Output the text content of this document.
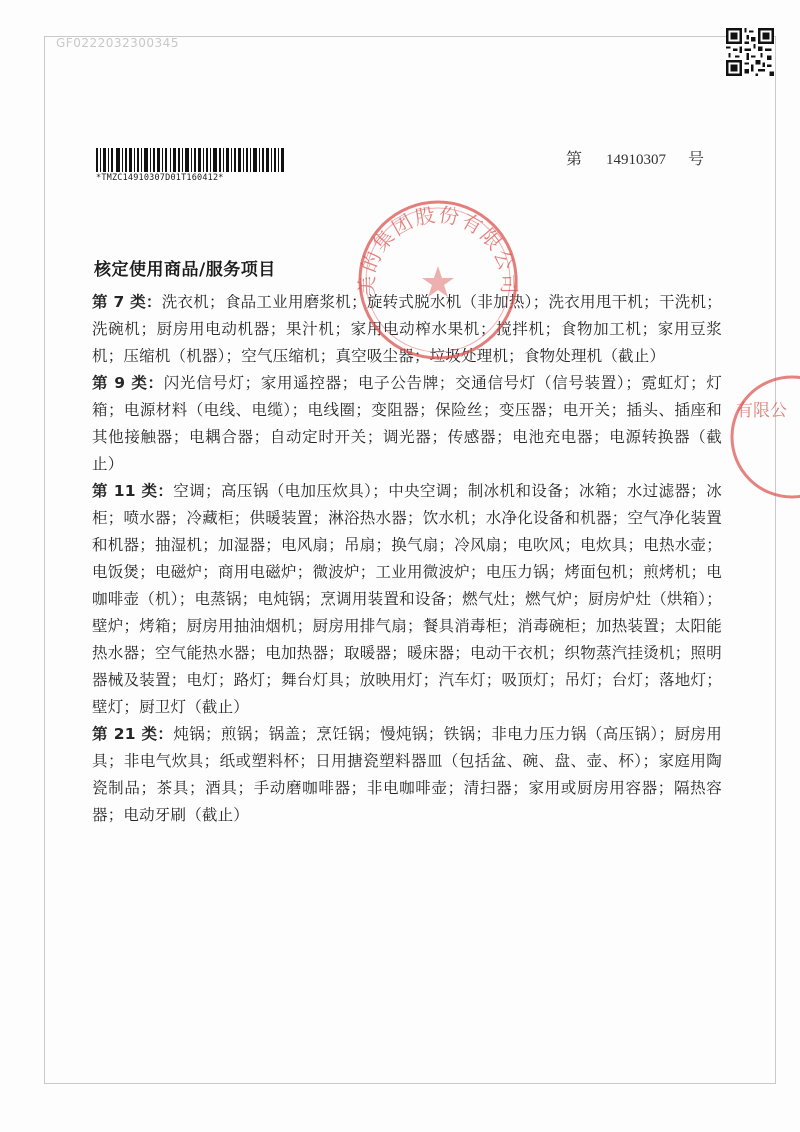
GF0222032300345
*TMZC14910307D01T160412*
第 14910307 号
核定使用商品/服务项目

第 7 类：洗衣机；食品工业用磨浆机；旋转式脱水机（非加热）；洗衣用甩干机；干洗机；洗碗机；厨房用电动机器；果汁机；家用电动榨水果机；搅拌机；食物加工机；家用豆浆机；压缩机（机器）；空气压缩机；真空吸尘器；垃圾处理机；食物处理机（截止）

第 9 类：闪光信号灯；家用遥控器；电子公告牌；交通信号灯（信号装置）；霓虹灯；灯箱；电源材料（电线、电缆）；电线圈；变阻器；保险丝；变压器；电开关；插头、插座和其他接触器；电耦合器；自动定时开关；调光器；传感器；电池充电器；电源转换器（截止）

第 11 类：空调；高压锅（电加压炊具）；中央空调；制冰机和设备；冰箱；水过滤器；冰柜；喷水器；冷藏柜；供暖装置；淋浴热水器；饮水机；水净化设备和机器；空气净化装置和机器；抽湿机；加湿器；电风扇；吊扇；换气扇；冷风扇；电吹风；电炊具；电热水壶；电饭煲；电磁炉；商用电磁炉；微波炉；工业用微波炉；电压力锅；烤面包机；煎烤机；电咖啡壶（机）；电蒸锅；电炖锅；烹调用装置和设备；燃气灶；燃气炉；厨房炉灶（烘箱）；壁炉；烤箱；厨房用抽油烟机；厨房用排气扇；餐具消毒柜；消毒碗柜；加热装置；太阳能热水器；空气能热水器；电加热器；取暖器；暖床器；电动干衣机；织物蒸汽挂烫机；照明器械及装置；电灯；路灯；舞台灯具；放映用灯；汽车灯；吸顶灯；吊灯；台灯；落地灯；壁灯；厨卫灯（截止）

第 21 类：炖锅；煎锅；锅盖；烹饪锅；慢炖锅；铁锅；非电力压力锅（高压锅）；厨房用具；非电气炊具；纸或塑料杯；日用搪瓷塑料器皿（包括盆、碗、盘、壶、杯）；家庭用陶瓷制品；茶具；酒具；手动磨咖啡器；非电咖啡壶；清扫器；家用或厨房用容器；隔热容器；电动牙刷（截止）

美的集团股份有限公司
有限公
